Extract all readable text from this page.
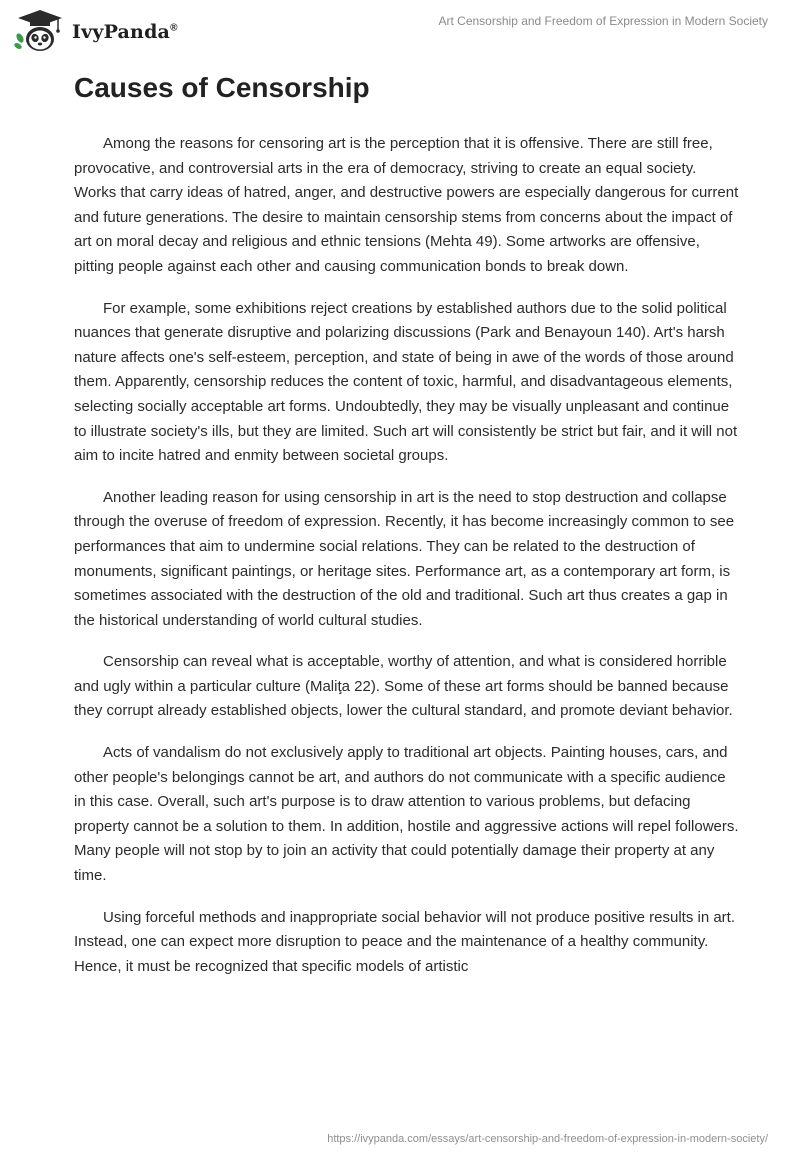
IvyPanda®
Art Censorship and Freedom of Expression in Modern Society
Causes of Censorship

Among the reasons for censoring art is the perception that it is offensive. There are still free, provocative, and controversial arts in the era of democracy, striving to create an equal society. Works that carry ideas of hatred, anger, and destructive powers are especially dangerous for current and future generations. The desire to maintain censorship stems from concerns about the impact of art on moral decay and religious and ethnic tensions (Mehta 49). Some artworks are offensive, pitting people against each other and causing communication bonds to break down.

For example, some exhibitions reject creations by established authors due to the solid political nuances that generate disruptive and polarizing discussions (Park and Benayoun 140). Art's harsh nature affects one's self-esteem, perception, and state of being in awe of the words of those around them. Apparently, censorship reduces the content of toxic, harmful, and disadvantageous elements, selecting socially acceptable art forms. Undoubtedly, they may be visually unpleasant and continue to illustrate society's ills, but they are limited. Such art will consistently be strict but fair, and it will not aim to incite hatred and enmity between societal groups.

Another leading reason for using censorship in art is the need to stop destruction and collapse through the overuse of freedom of expression. Recently, it has become increasingly common to see performances that aim to undermine social relations. They can be related to the destruction of monuments, significant paintings, or heritage sites. Performance art, as a contemporary art form, is sometimes associated with the destruction of the old and traditional. Such art thus creates a gap in the historical understanding of world cultural studies.

Censorship can reveal what is acceptable, worthy of attention, and what is considered horrible and ugly within a particular culture (Maliţa 22). Some of these art forms should be banned because they corrupt already established objects, lower the cultural standard, and promote deviant behavior.

Acts of vandalism do not exclusively apply to traditional art objects. Painting houses, cars, and other people's belongings cannot be art, and authors do not communicate with a specific audience in this case. Overall, such art's purpose is to draw attention to various problems, but defacing property cannot be a solution to them. In addition, hostile and aggressive actions will repel followers. Many people will not stop by to join an activity that could potentially damage their property at any time.

Using forceful methods and inappropriate social behavior will not produce positive results in art. Instead, one can expect more disruption to peace and the maintenance of a healthy community. Hence, it must be recognized that specific models of artistic

https://ivypanda.com/essays/art-censorship-and-freedom-of-expression-in-modern-society/
